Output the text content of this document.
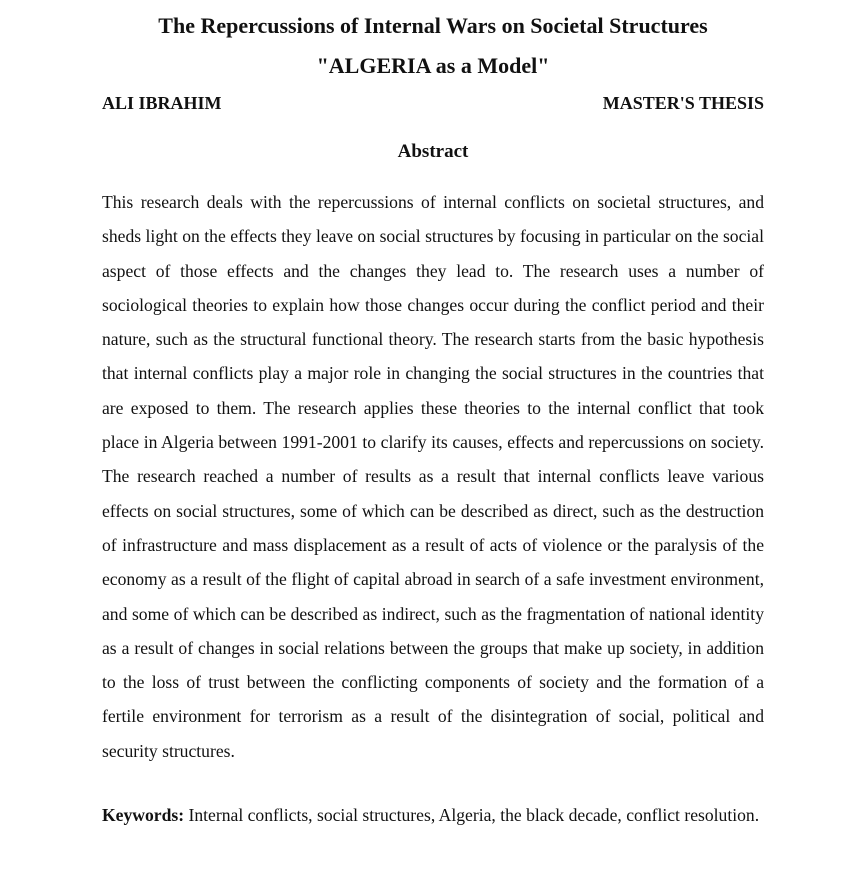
The Repercussions of Internal Wars on Societal Structures
"ALGERIA as a Model"
ALI IBRAHIM	MASTER'S THESIS
Abstract

This research deals with the repercussions of internal conflicts on societal structures, and sheds light on the effects they leave on social structures by focusing in particular on the social aspect of those effects and the changes they lead to. The research uses a number of sociological theories to explain how those changes occur during the conflict period and their nature, such as the structural functional theory. The research starts from the basic hypothesis that internal conflicts play a major role in changing the social structures in the countries that are exposed to them. The research applies these theories to the internal conflict that took place in Algeria between 1991-2001 to clarify its causes, effects and repercussions on society. The research reached a number of results as a result that internal conflicts leave various effects on social structures, some of which can be described as direct, such as the destruction of infrastructure and mass displacement as a result of acts of violence or the paralysis of the economy as a result of the flight of capital abroad in search of a safe investment environment, and some of which can be described as indirect, such as the fragmentation of national identity as a result of changes in social relations between the groups that make up society, in addition to the loss of trust between the conflicting components of society and the formation of a fertile environment for terrorism as a result of the disintegration of social, political and security structures.

Keywords: Internal conflicts, social structures, Algeria, the black decade, conflict resolution.
